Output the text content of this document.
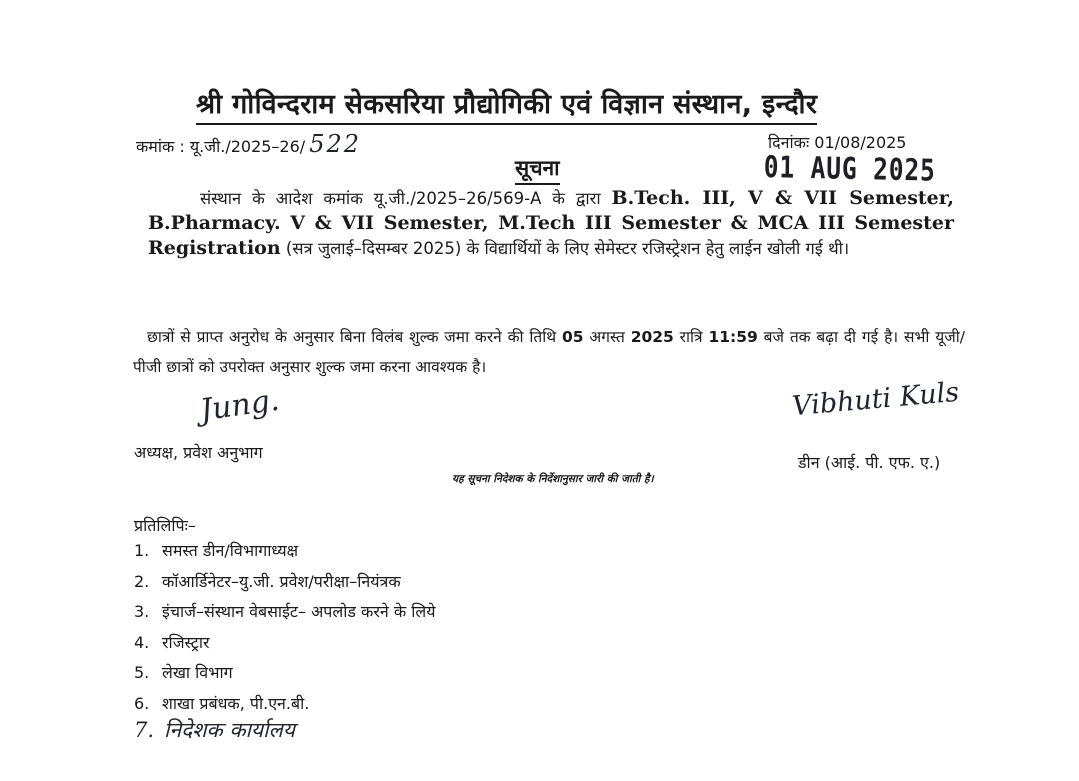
श्री गोविन्दराम सेकसरिया प्रौद्योगिकी एवं विज्ञान संस्थान, इन्दौर
कमांक : यू.जी./2025–26/ 522	दिनांकः 01/08/2025
सूचना	01 AUG 2025
संस्थान के आदेश कमांक यू.जी./2025–26/569-A के द्वारा B.Tech. III, V & VII Semester, B.Pharmacy. V & VII Semester, M.Tech III Semester & MCA III Semester Registration (सत्र जुलाई–दिसम्बर 2025) के विद्यार्थियों के लिए सेमेस्टर रजिस्ट्रेशन हेतु लाईन खोली गई थी।
छात्रों से प्राप्त अनुरोध के अनुसार बिना विलंब शुल्क जमा करने की तिथि 05 अगस्त 2025 रात्रि 11:59 बजे तक बढ़ा दी गई है। सभी यूजी/पीजी छात्रों को उपरोक्त अनुसार शुल्क जमा करना आवश्यक है।
Jung.	Vibhuti Kuls
अध्यक्ष, प्रवेश अनुभाग
डीन (आई. पी. एफ. ए.)
यह सूचना निदेशक के निर्देशानुसार जारी की जाती है।
प्रतिलिपिः–
1. समस्त डीन/विभागाध्यक्ष
2. कॉआर्डिनेटर–यु.जी. प्रवेश/परीक्षा–नियंत्रक
3. इंचार्ज–संस्थान वेबसाईट– अपलोड करने के लिये
4. रजिस्ट्रार
5. लेखा विभाग
6. शाखा प्रबंधक, पी.एन.बी.
7. निदेशक कार्यालय
